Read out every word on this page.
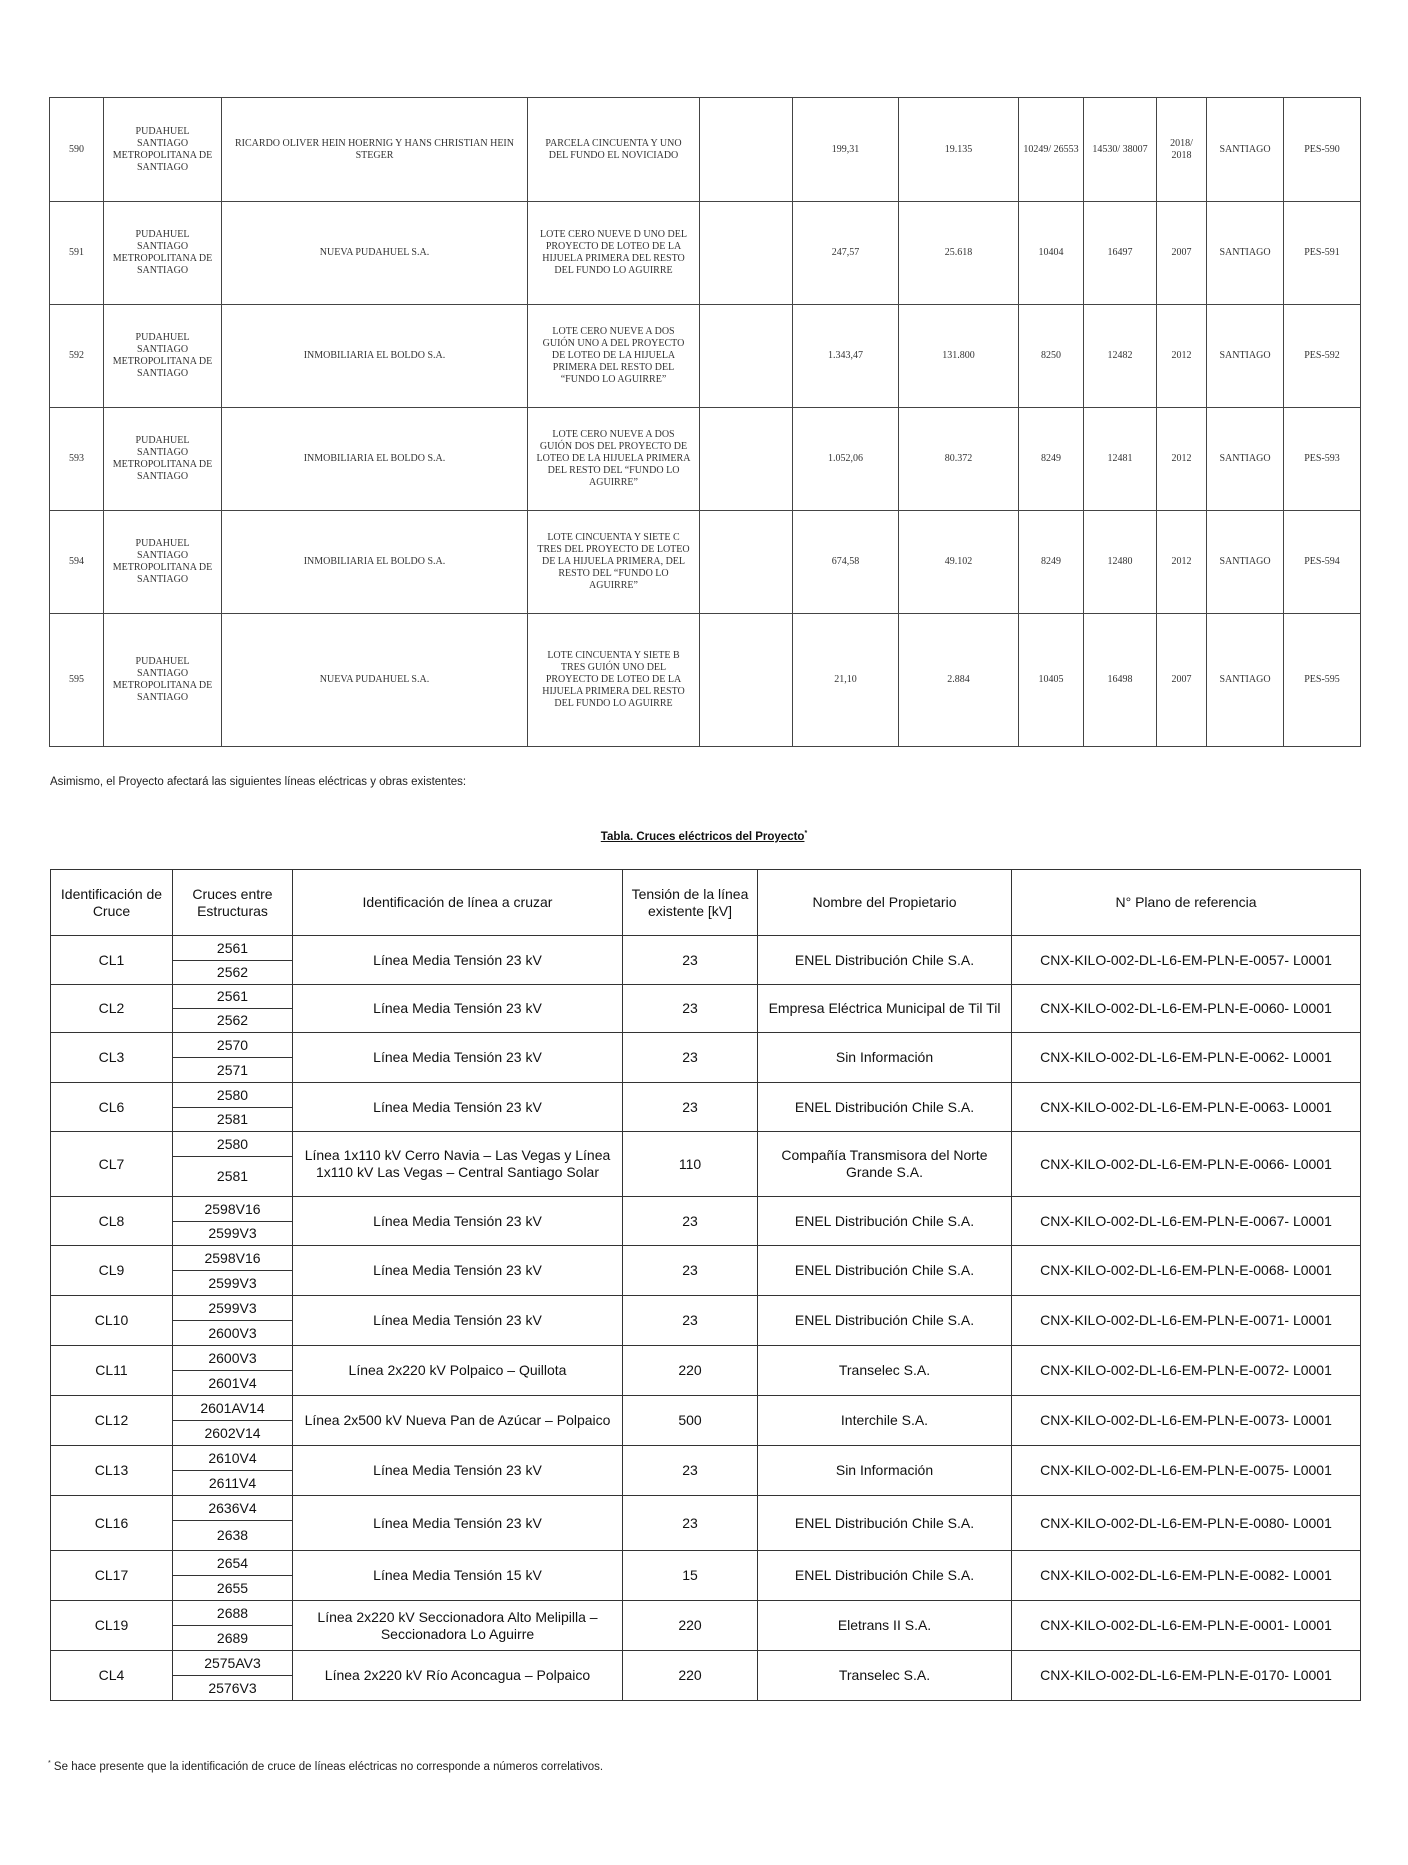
590	PUDAHUEL SANTIAGO METROPOLITANA DE SANTIAGO	RICARDO OLIVER HEIN HOERNIG Y HANS CHRISTIAN HEIN STEGER	PARCELA CINCUENTA Y UNO DEL FUNDO EL NOVICIADO		199,31	19.135	10249/ 26553	14530/ 38007	2018/ 2018	SANTIAGO	PES-590
591	PUDAHUEL SANTIAGO METROPOLITANA DE SANTIAGO	NUEVA PUDAHUEL S.A.	LOTE CERO NUEVE D UNO DEL PROYECTO DE LOTEO DE LA HIJUELA PRIMERA DEL RESTO DEL FUNDO LO AGUIRRE		247,57	25.618	10404	16497	2007	SANTIAGO	PES-591
592	PUDAHUEL SANTIAGO METROPOLITANA DE SANTIAGO	INMOBILIARIA EL BOLDO S.A.	LOTE CERO NUEVE A DOS GUIÓN UNO A DEL PROYECTO DE LOTEO DE LA HIJUELA PRIMERA DEL RESTO DEL “FUNDO LO AGUIRRE”		1.343,47	131.800	8250	12482	2012	SANTIAGO	PES-592
593	PUDAHUEL SANTIAGO METROPOLITANA DE SANTIAGO	INMOBILIARIA EL BOLDO S.A.	LOTE CERO NUEVE A DOS GUIÓN DOS DEL PROYECTO DE LOTEO DE LA HIJUELA PRIMERA DEL RESTO DEL “FUNDO LO AGUIRRE”		1.052,06	80.372	8249	12481	2012	SANTIAGO	PES-593
594	PUDAHUEL SANTIAGO METROPOLITANA DE SANTIAGO	INMOBILIARIA EL BOLDO S.A.	LOTE CINCUENTA Y SIETE C TRES DEL PROYECTO DE LOTEO DE LA HIJUELA PRIMERA, DEL RESTO DEL “FUNDO LO AGUIRRE”		674,58	49.102	8249	12480	2012	SANTIAGO	PES-594
595	PUDAHUEL SANTIAGO METROPOLITANA DE SANTIAGO	NUEVA PUDAHUEL S.A.	LOTE CINCUENTA Y SIETE B TRES GUIÓN UNO DEL PROYECTO DE LOTEO DE LA HIJUELA PRIMERA DEL RESTO DEL FUNDO LO AGUIRRE		21,10	2.884	10405	16498	2007	SANTIAGO	PES-595
Asimismo, el Proyecto afectará las siguientes líneas eléctricas y obras existentes:
Tabla. Cruces eléctricos del Proyecto*
Identificación de Cruce	Cruces entre Estructuras	Identificación de línea a cruzar	Tensión de la línea existente [kV]	Nombre del Propietario	N° Plano de referencia
CL1	2561	Línea Media Tensión 23 kV	23	ENEL Distribución Chile S.A.	CNX-KILO-002-DL-L6-EM-PLN-E-0057- L0001
	2562				
CL2	2561	Línea Media Tensión 23 kV	23	Empresa Eléctrica Municipal de Til Til	CNX-KILO-002-DL-L6-EM-PLN-E-0060- L0001
	2562				
CL3	2570	Línea Media Tensión 23 kV	23	Sin Información	CNX-KILO-002-DL-L6-EM-PLN-E-0062- L0001
	2571				
CL6	2580	Línea Media Tensión 23 kV	23	ENEL Distribución Chile S.A.	CNX-KILO-002-DL-L6-EM-PLN-E-0063- L0001
	2581				
CL7	2580	Línea 1x110 kV Cerro Navia – Las Vegas y Línea 1x110 kV Las Vegas – Central Santiago Solar	110	Compañía Transmisora del Norte Grande S.A.	CNX-KILO-002-DL-L6-EM-PLN-E-0066- L0001
	2581				
CL8	2598V16	Línea Media Tensión 23 kV	23	ENEL Distribución Chile S.A.	CNX-KILO-002-DL-L6-EM-PLN-E-0067- L0001
	2599V3				
CL9	2598V16	Línea Media Tensión 23 kV	23	ENEL Distribución Chile S.A.	CNX-KILO-002-DL-L6-EM-PLN-E-0068- L0001
	2599V3				
CL10	2599V3	Línea Media Tensión 23 kV	23	ENEL Distribución Chile S.A.	CNX-KILO-002-DL-L6-EM-PLN-E-0071- L0001
	2600V3				
CL11	2600V3	Línea 2x220 kV Polpaico – Quillota	220	Transelec S.A.	CNX-KILO-002-DL-L6-EM-PLN-E-0072- L0001
	2601V4				
CL12	2601AV14	Línea 2x500 kV Nueva Pan de Azúcar – Polpaico	500	Interchile S.A.	CNX-KILO-002-DL-L6-EM-PLN-E-0073- L0001
	2602V14				
CL13	2610V4	Línea Media Tensión 23 kV	23	Sin Información	CNX-KILO-002-DL-L6-EM-PLN-E-0075- L0001
	2611V4				
CL16	2636V4	Línea Media Tensión 23 kV	23	ENEL Distribución Chile S.A.	CNX-KILO-002-DL-L6-EM-PLN-E-0080- L0001
	2638				
CL17	2654	Línea Media Tensión 15 kV	15	ENEL Distribución Chile S.A.	CNX-KILO-002-DL-L6-EM-PLN-E-0082- L0001
	2655				
CL19	2688	Línea 2x220 kV Seccionadora Alto Melipilla – Seccionadora Lo Aguirre	220	Eletrans II S.A.	CNX-KILO-002-DL-L6-EM-PLN-E-0001- L0001
	2689				
CL4	2575AV3	Línea 2x220 kV Río Aconcagua – Polpaico	220	Transelec S.A.	CNX-KILO-002-DL-L6-EM-PLN-E-0170- L0001
	2576V3				
* Se hace presente que la identificación de cruce de líneas eléctricas no corresponde a números correlativos.
